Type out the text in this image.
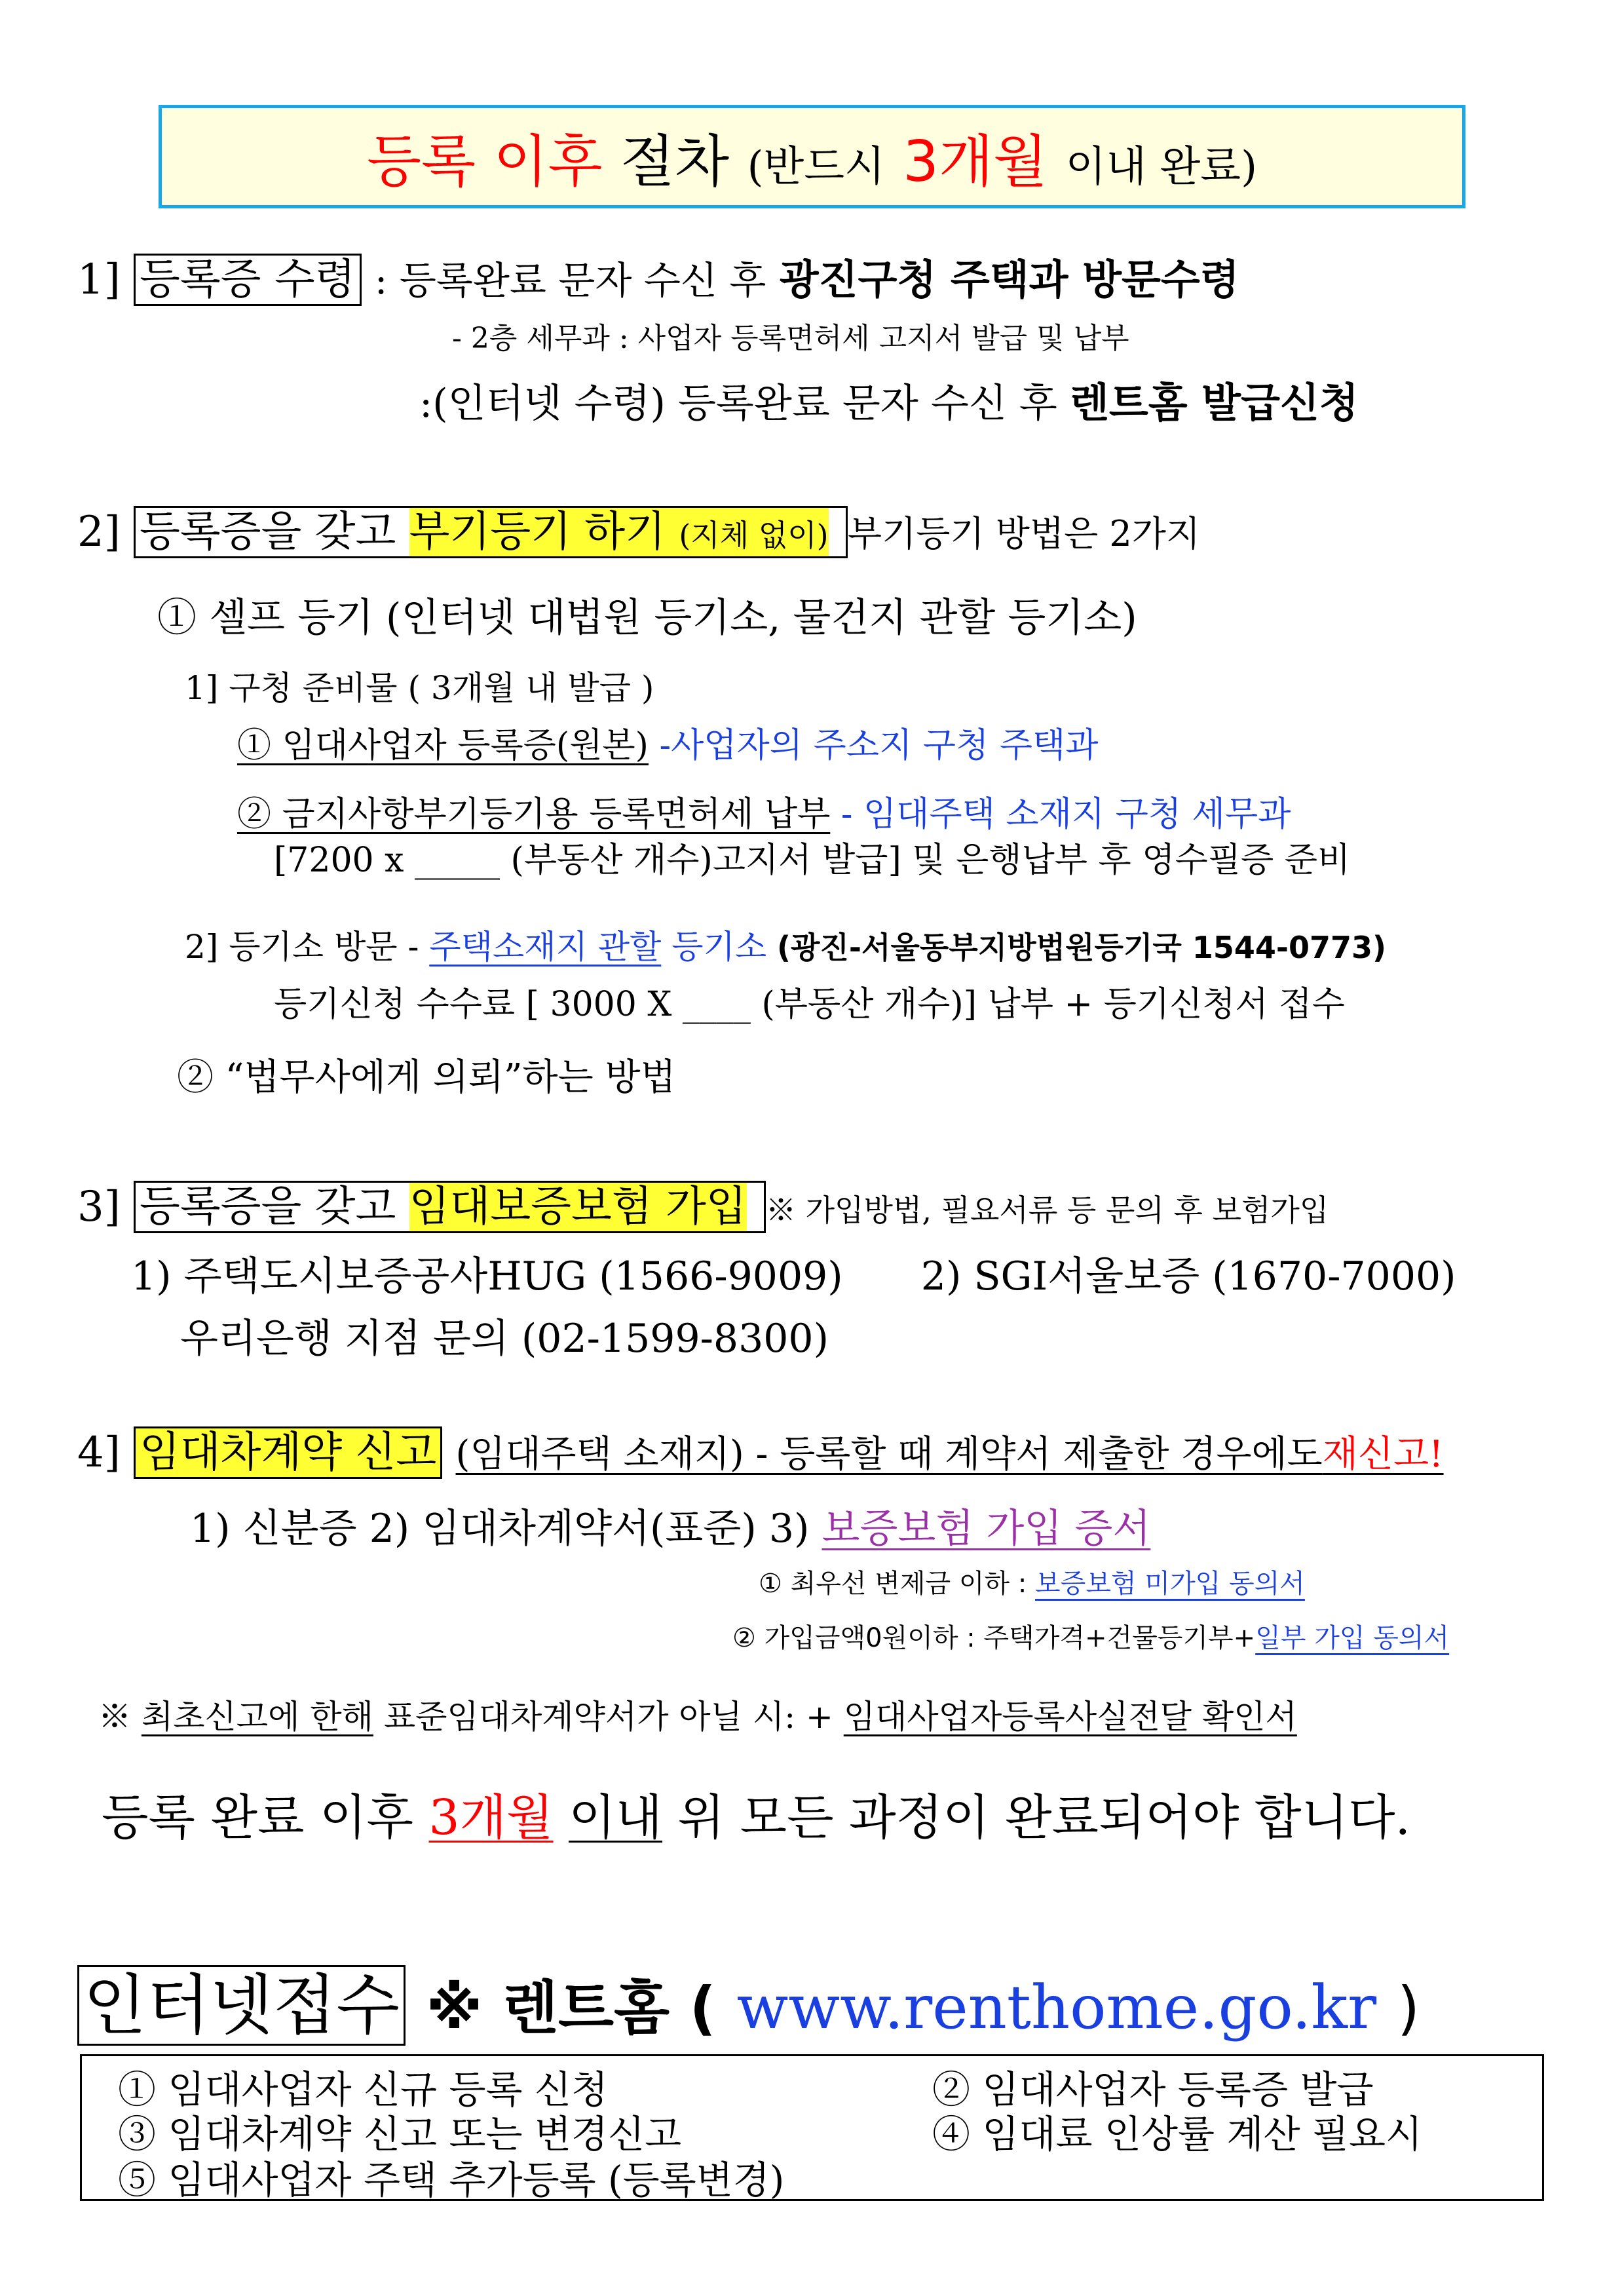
등록 이후 절차 (반드시 3개월 이내 완료)
1] 등록증 수령 : 등록완료 문자 수신 후 광진구청 주택과 방문수령
- 2층 세무과 : 사업자 등록면허세 고지서 발급 및 납부
:(인터넷 수령) 등록완료 문자 수신 후 렌트홈 발급신청
2] 등록증을 갖고 부기등기 하기 (지체 없이) 부기등기 방법은 2가지
① 셀프 등기 (인터넷 대법원 등기소, 물건지 관할 등기소)
1] 구청 준비물 ( 3개월 내 발급 )
① 임대사업자 등록증(원본) -사업자의 주소지 구청 주택과
② 금지사항부기등기용 등록면허세 납부 - 임대주택 소재지 구청 세무과
[7200 x _____ (부동산 개수)고지서 발급] 및 은행납부 후 영수필증 준비
2] 등기소 방문 - 주택소재지 관할 등기소 (광진-서울동부지방법원등기국 1544-0773)
등기신청 수수료 [ 3000 X ____ (부동산 개수)] 납부 + 등기신청서 접수
② “법무사에게 의뢰”하는 방법
3] 등록증을 갖고 임대보증보험 가입 ※ 가입방법, 필요서류 등 문의 후 보험가입
1) 주택도시보증공사HUG (1566-9009) 2) SGI서울보증 (1670-7000)
우리은행 지점 문의 (02-1599-8300)
4] 임대차계약 신고 (임대주택 소재지) - 등록할 때 계약서 제출한 경우에도재신고!
1) 신분증 2) 임대차계약서(표준) 3) 보증보험 가입 증서
① 최우선 변제금 이하 : 보증보험 미가입 동의서
② 가입금액0원이하 : 주택가격+건물등기부+일부 가입 동의서
※ 최초신고에 한해 표준임대차계약서가 아닐 시: + 임대사업자등록사실전달 확인서
등록 완료 이후 3개월 이내 위 모든 과정이 완료되어야 합니다.
인터넷접수 ※ 렌트홈 ( www.renthome.go.kr )
① 임대사업자 신규 등록 신청	② 임대사업자 등록증 발급
③ 임대차계약 신고 또는 변경신고	④ 임대료 인상률 계산 필요시
⑤ 임대사업자 주택 추가등록 (등록변경)
